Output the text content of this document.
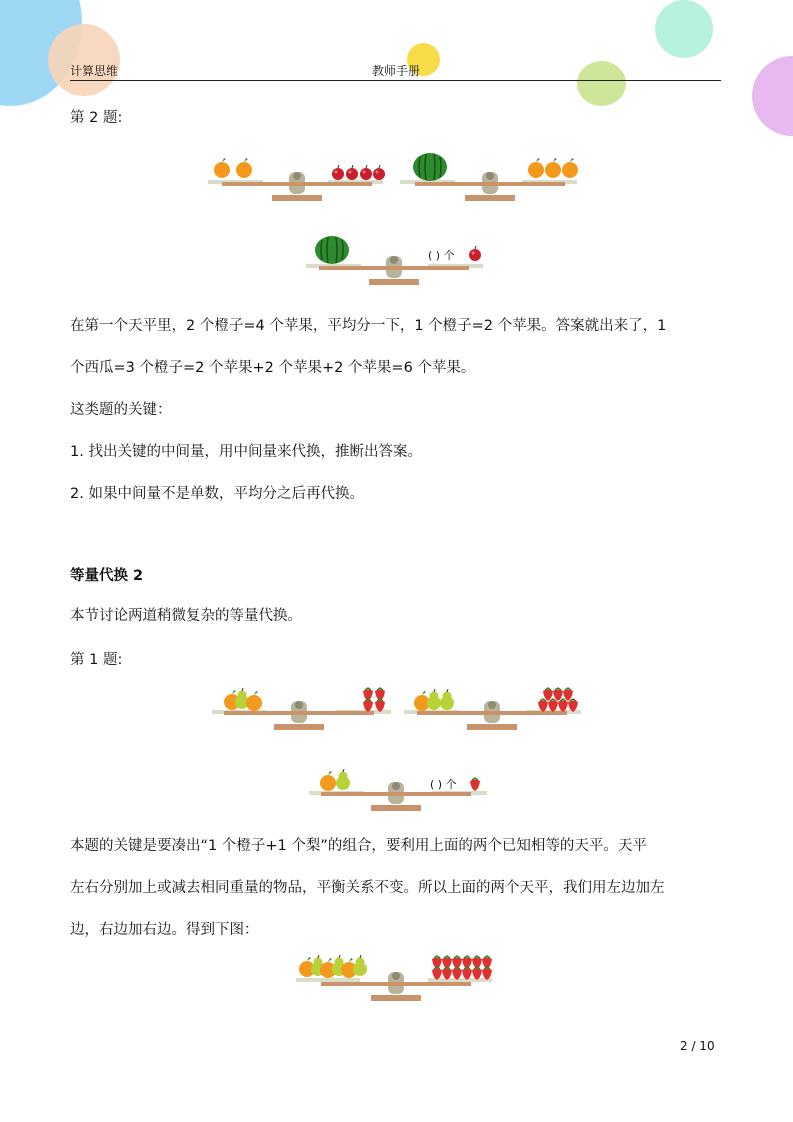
计算思维	教师手册
第 2 题:
( ) 个
( ) 个
在第一个天平里，2 个橙子=4 个苹果，平均分一下，1 个橙子=2 个苹果。答案就出来了，1
个西瓜=3 个橙子=2 个苹果+2 个苹果+2 个苹果=6 个苹果。
这类题的关键：
1. 找出关键的中间量，用中间量来代换，推断出答案。
2. 如果中间量不是单数，平均分之后再代换。
等量代换 2
本节讨论两道稍微复杂的等量代换。
第 1 题:
本题的关键是要凑出“1 个橙子+1 个梨”的组合，要利用上面的两个已知相等的天平。天平
左右分别加上或减去相同重量的物品，平衡关系不变。所以上面的两个天平，我们用左边加左
边，右边加右边。得到下图：
2 / 10
